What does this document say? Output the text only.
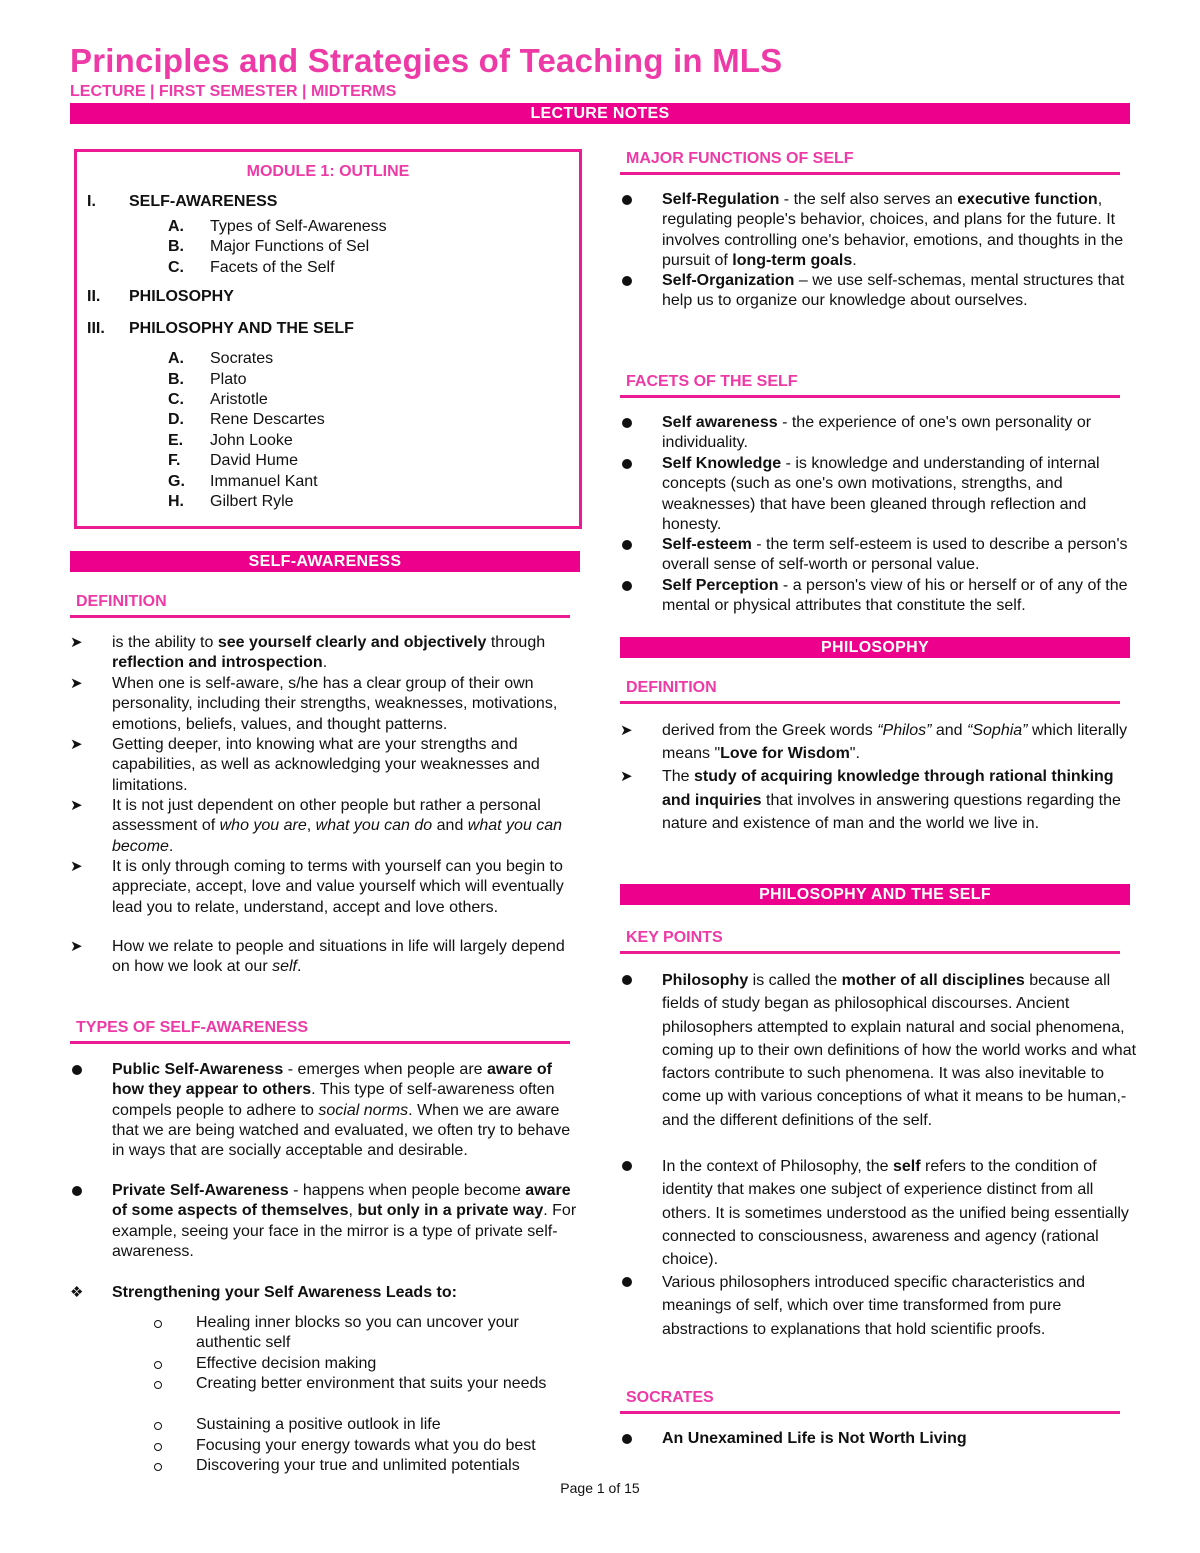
Principles and Strategies of Teaching in MLS
LECTURE | FIRST SEMESTER | MIDTERMS
LECTURE NOTES
MODULE 1: OUTLINE
I. SELF-AWARENESS
A. Types of Self-Awareness
B. Major Functions of Sel
C. Facets of the Self
II. PHILOSOPHY
III. PHILOSOPHY AND THE SELF
A. Socrates
B. Plato
C. Aristotle
D. Rene Descartes
E. John Looke
F. David Hume
G. Immanuel Kant
H. Gilbert Ryle
SELF-AWARENESS
DEFINITION
➤	is the ability to see yourself clearly and objectively through reflection and introspection.
➤	When one is self-aware, s/he has a clear group of their own personality, including their strengths, weaknesses, motivations, emotions, beliefs, values, and thought patterns.
➤	Getting deeper, into knowing what are your strengths and capabilities, as well as acknowledging your weaknesses and limitations.
➤	It is not just dependent on other people but rather a personal assessment of who you are, what you can do and what you can become.
➤	It is only through coming to terms with yourself can you begin to appreciate, accept, love and value yourself which will eventually lead you to relate, understand, accept and love others.
➤	How we relate to people and situations in life will largely depend on how we look at our self.
TYPES OF SELF-AWARENESS
Public Self-Awareness - emerges when people are aware of how they appear to others. This type of self-awareness often compels people to adhere to social norms. When we are aware that we are being watched and evaluated, we often try to behave in ways that are socially acceptable and desirable.
Private Self-Awareness - happens when people become aware of some aspects of themselves, but only in a private way. For example, seeing your face in the mirror is a type of private self-awareness.
❖	Strengthening your Self Awareness Leads to:
Healing inner blocks so you can uncover your authentic self
Effective decision making
Creating better environment that suits your needs
Sustaining a positive outlook in life
Focusing your energy towards what you do best
Discovering your true and unlimited potentials
MAJOR FUNCTIONS OF SELF
Self-Regulation - the self also serves an executive function, regulating people's behavior, choices, and plans for the future. It involves controlling one's behavior, emotions, and thoughts in the pursuit of long-term goals.
Self-Organization – we use self-schemas, mental structures that help us to organize our knowledge about ourselves.
FACETS OF THE SELF
Self awareness - the experience of one's own personality or individuality.
Self Knowledge - is knowledge and understanding of internal concepts (such as one's own motivations, strengths, and weaknesses) that have been gleaned through reflection and honesty.
Self-esteem - the term self-esteem is used to describe a person's overall sense of self-worth or personal value.
Self Perception - a person's view of his or herself or of any of the mental or physical attributes that constitute the self.
PHILOSOPHY
DEFINITION
➤	derived from the Greek words “Philos” and “Sophia” which literally means "Love for Wisdom".
➤	The study of acquiring knowledge through rational thinking and inquiries that involves in answering questions regarding the nature and existence of man and the world we live in.
PHILOSOPHY AND THE SELF
KEY POINTS
Philosophy is called the mother of all disciplines because all fields of study began as philosophical discourses. Ancient philosophers attempted to explain natural and social phenomena, coming up to their own definitions of how the world works and what factors contribute to such phenomena. It was also inevitable to come up with various conceptions of what it means to be human,- and the different definitions of the self.
In the context of Philosophy, the self refers to the condition of identity that makes one subject of experience distinct from all others. It is sometimes understood as the unified being essentially connected to consciousness, awareness and agency (rational choice).
Various philosophers introduced specific characteristics and meanings of self, which over time transformed from pure abstractions to explanations that hold scientific proofs.
SOCRATES
An Unexamined Life is Not Worth Living
Page 1 of 15
